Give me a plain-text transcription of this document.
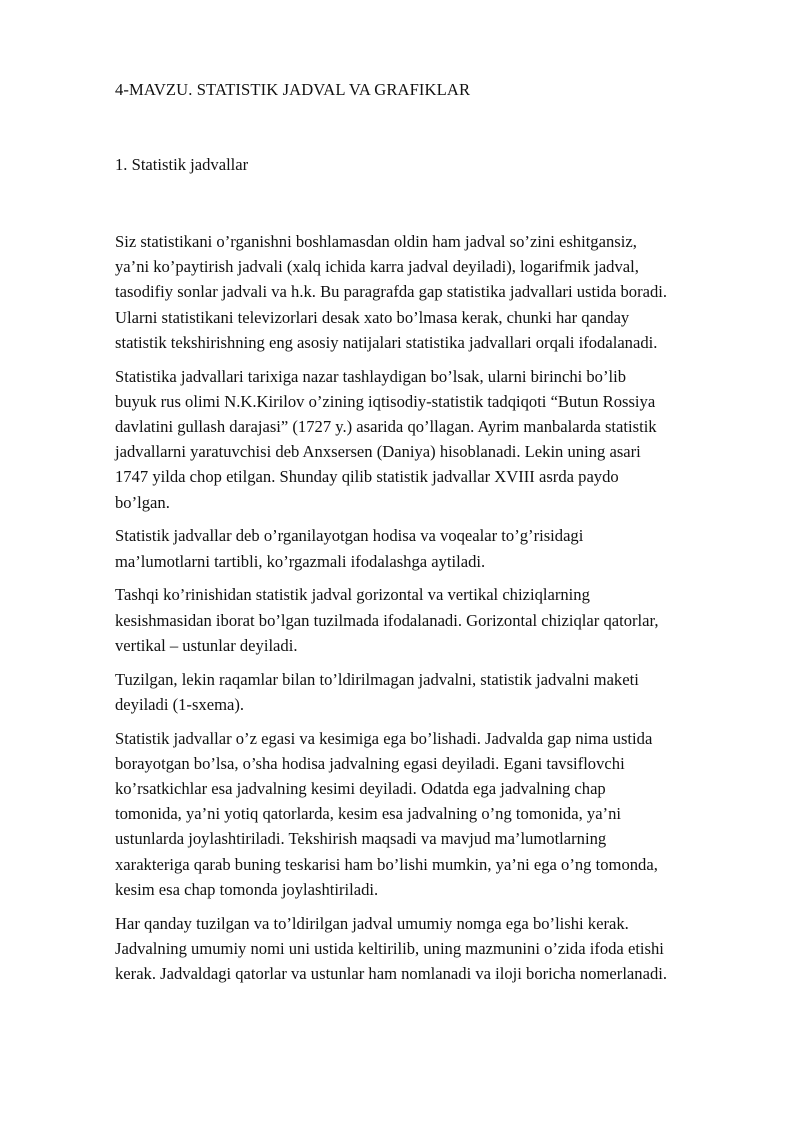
4-MAVZU. STATISTIK JADVAL VA GRAFIKLAR
1. Statistik jadvallar

Siz statistikani o’rganishni boshlamasdan oldin ham jadval so’zini eshitgansiz,
ya’ni ko’paytirish jadvali (xalq ichida karra jadval deyiladi), logarifmik jadval,
tasodifiy sonlar jadvali va h.k. Bu paragrafda gap statistika jadvallari ustida boradi.
Ularni statistikani televizorlari desak xato bo’lmasa kerak, chunki har qanday
statistik tekshirishning eng asosiy natijalari statistika jadvallari orqali ifodalanadi.

Statistika jadvallari tarixiga nazar tashlaydigan bo’lsak, ularni birinchi bo’lib
buyuk rus olimi N.K.Kirilov o’zining iqtisodiy-statistik tadqiqoti “Butun Rossiya
davlatini gullash darajasi” (1727 y.) asarida qo’llagan. Ayrim manbalarda statistik
jadvallarni yaratuvchisi deb Anxsersen (Daniya) hisoblanadi. Lekin uning asari
1747 yilda chop etilgan. Shunday qilib statistik jadvallar XVIII asrda paydo
bo’lgan.

Statistik jadvallar deb o’rganilayotgan hodisa va voqealar to’g’risidagi
ma’lumotlarni tartibli, ko’rgazmali ifodalashga aytiladi.

Tashqi ko’rinishidan statistik jadval gorizontal va vertikal chiziqlarning
kesishmasidan iborat bo’lgan tuzilmada ifodalanadi. Gorizontal chiziqlar qatorlar,
vertikal – ustunlar deyiladi.

Tuzilgan, lekin raqamlar bilan to’ldirilmagan jadvalni, statistik jadvalni maketi
deyiladi (1-sxema).

Statistik jadvallar o’z egasi va kesimiga ega bo’lishadi. Jadvalda gap nima ustida
borayotgan bo’lsa, o’sha hodisa jadvalning egasi deyiladi. Egani tavsiflovchi
ko’rsatkichlar esa jadvalning kesimi deyiladi. Odatda ega jadvalning chap
tomonida, ya’ni yotiq qatorlarda, kesim esa jadvalning o’ng tomonida, ya’ni
ustunlarda joylashtiriladi. Tekshirish maqsadi va mavjud ma’lumotlarning
xarakteriga qarab buning teskarisi ham bo’lishi mumkin, ya’ni ega o’ng tomonda,
kesim esa chap tomonda joylashtiriladi.

Har qanday tuzilgan va to’ldirilgan jadval umumiy nomga ega bo’lishi kerak.
Jadvalning umumiy nomi uni ustida keltirilib, uning mazmunini o’zida ifoda etishi
kerak. Jadvaldagi qatorlar va ustunlar ham nomlanadi va iloji boricha nomerlanadi.
